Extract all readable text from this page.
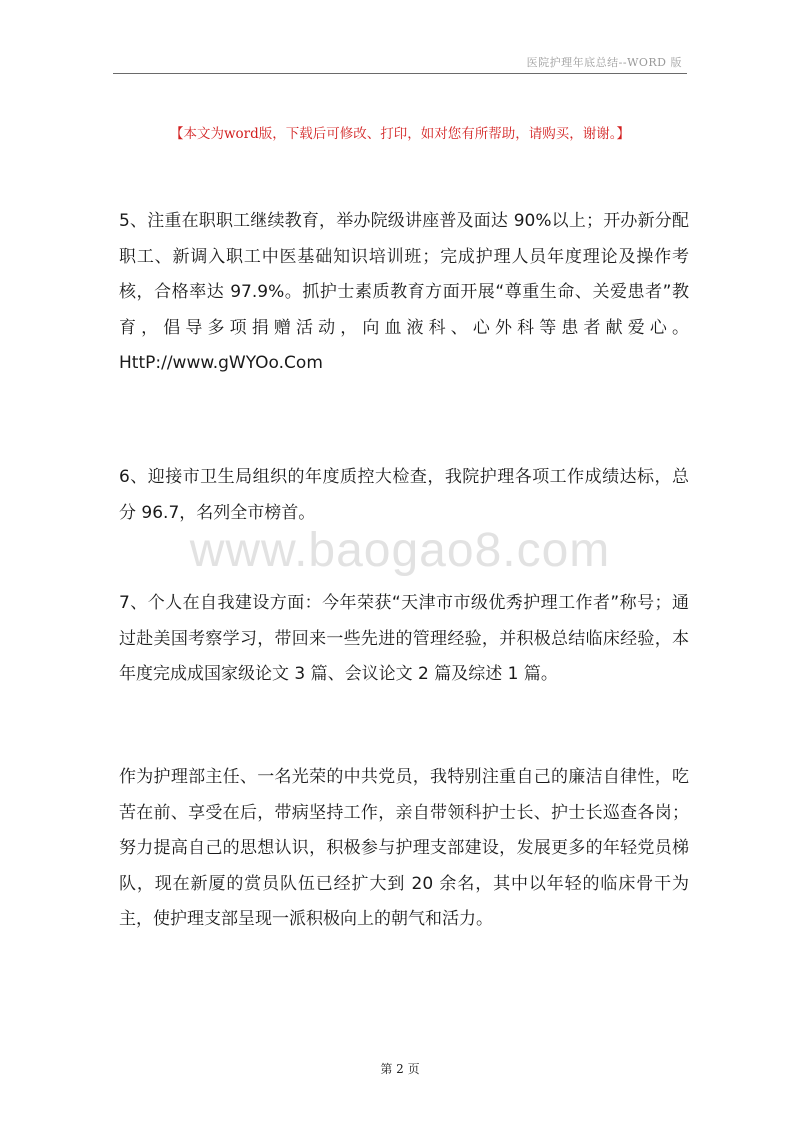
医院护理年底总结--WORD 版
【本文为word版，下载后可修改、打印，如对您有所帮助，请购买，谢谢。】
5、注重在职职工继续教育，举办院级讲座普及面达 90%以上；开办新分配职工、新调入职工中医基础知识培训班；完成护理人员年度理论及操作考核，合格率达 97.9%。抓护士素质教育方面开展“尊重生命、关爱患者”教育，倡导多项捐赠活动，向血液科、心外科等患者献爱心。HttP://www.gWYOo.Com
www.baogao8.com
6、迎接市卫生局组织的年度质控大检查，我院护理各项工作成绩达标，总分 96.7，名列全市榜首。
7、个人在自我建设方面：今年荣获“天津市市级优秀护理工作者”称号；通过赴美国考察学习，带回来一些先进的管理经验，并积极总结临床经验，本年度完成成国家级论文 3 篇、会议论文 2 篇及综述 1 篇。
作为护理部主任、一名光荣的中共党员，我特别注重自己的廉洁自律性，吃苦在前、享受在后，带病坚持工作，亲自带领科护士长、护士长巡查各岗；努力提高自己的思想认识，积极参与护理支部建设，发展更多的年轻党员梯队，现在新厦的赏员队伍已经扩大到 20 余名，其中以年轻的临床骨干为主，使护理支部呈现一派积极向上的朝气和活力。
第 2 页
